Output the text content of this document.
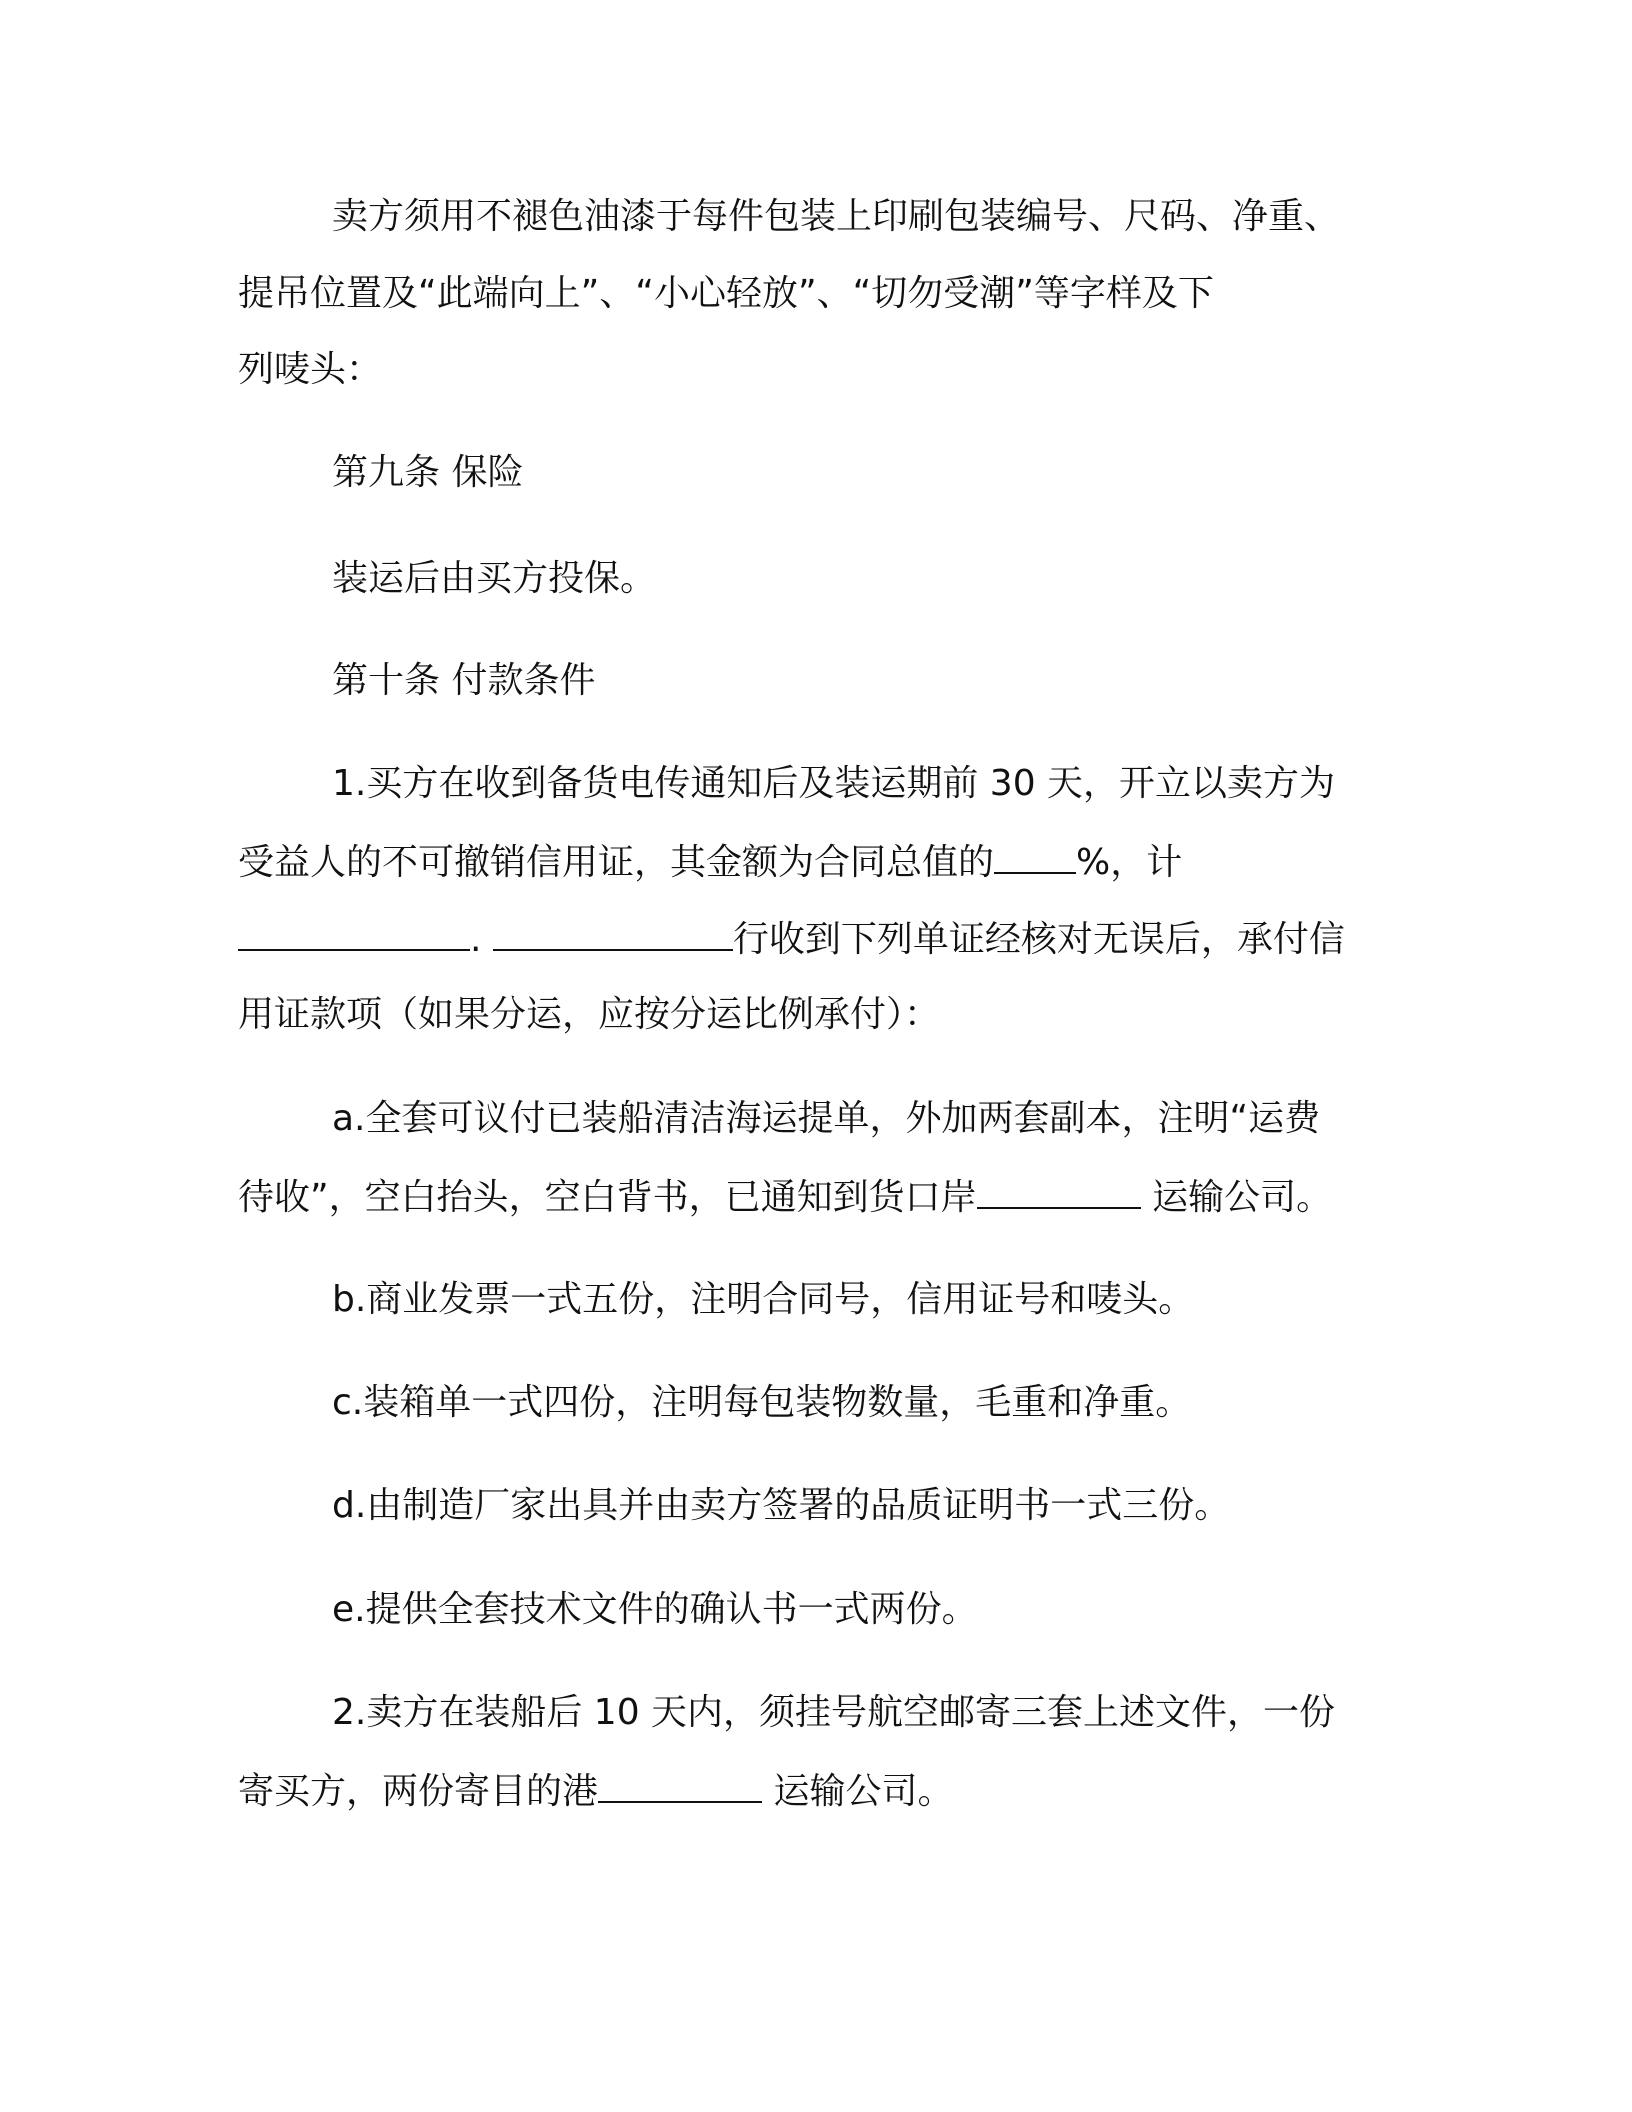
卖方须用不褪色油漆于每件包装上印刷包装编号、尺码、净重、

提吊位置及“此端向上”、“小心轻放”、“切勿受潮”等字样及下

列唛头：

第九条 保险

装运后由买方投保。

第十条 付款条件

1.买方在收到备货电传通知后及装运期前 30 天，开立以卖方为

受益人的不可撤销信用证，其金额为合同总值的 %，计

.	行收到下列单证经核对无误后，承付信

用证款项（如果分运，应按分运比例承付）：

a.全套可议付已装船清洁海运提单，外加两套副本，注明“运费

待收”，空白抬头，空白背书，已通知到货口岸	运输公司。

b.商业发票一式五份，注明合同号，信用证号和唛头。

c.装箱单一式四份，注明每包装物数量，毛重和净重。

d.由制造厂家出具并由卖方签署的品质证明书一式三份。

e.提供全套技术文件的确认书一式两份。

2.卖方在装船后 10 天内，须挂号航空邮寄三套上述文件，一份

寄买方，两份寄目的港	运输公司。
